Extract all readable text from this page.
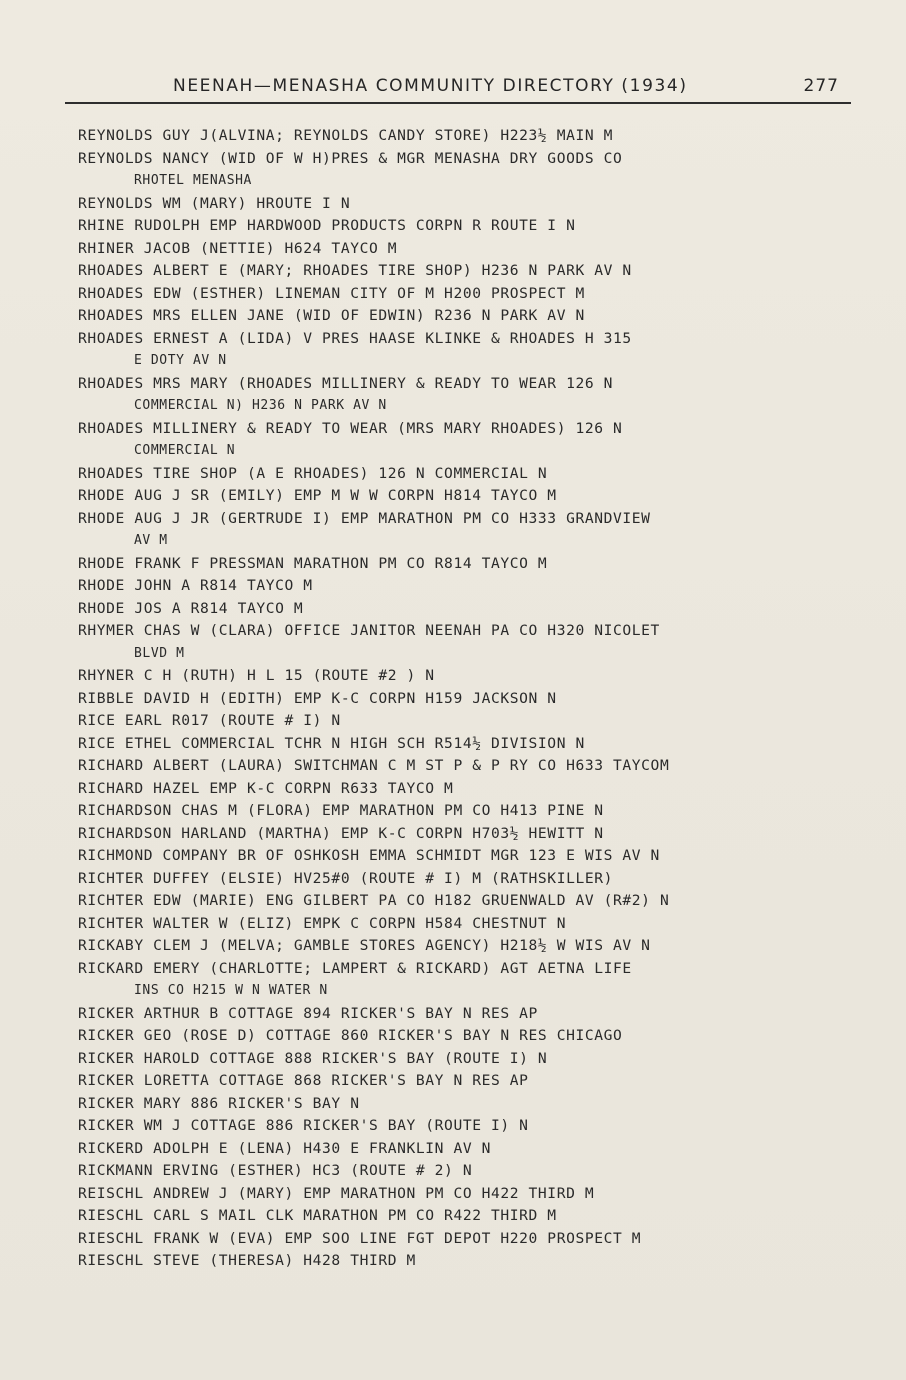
NEENAH—MENASHA COMMUNITY DIRECTORY (1934)	277
REYNOLDS GUY J(ALVINA; REYNOLDS CANDY STORE) H223½ MAIN M
REYNOLDS NANCY (WID OF W H)PRES & MGR MENASHA DRY GOODS CO
RHOTEL MENASHA
REYNOLDS WM (MARY) HROUTE I N
RHINE RUDOLPH EMP HARDWOOD PRODUCTS CORPN R ROUTE I N
RHINER JACOB (NETTIE) H624 TAYCO M
RHOADES ALBERT E (MARY; RHOADES TIRE SHOP) H236 N PARK AV N
RHOADES EDW (ESTHER) LINEMAN CITY OF M H200 PROSPECT M
RHOADES MRS ELLEN JANE (WID OF EDWIN) R236 N PARK AV N
RHOADES ERNEST A (LIDA) V PRES HAASE KLINKE & RHOADES H 315
E DOTY AV N
RHOADES MRS MARY (RHOADES MILLINERY & READY TO WEAR 126 N
COMMERCIAL N) H236 N PARK AV N
RHOADES MILLINERY & READY TO WEAR (MRS MARY RHOADES) 126 N
COMMERCIAL N
RHOADES TIRE SHOP (A E RHOADES) 126 N COMMERCIAL N
RHODE AUG J SR (EMILY) EMP M W W CORPN H814 TAYCO M
RHODE AUG J JR (GERTRUDE I) EMP MARATHON PM CO H333 GRANDVIEW
AV M
RHODE FRANK F PRESSMAN MARATHON PM CO R814 TAYCO M
RHODE JOHN A R814 TAYCO M
RHODE JOS A R814 TAYCO M
RHYMER CHAS W (CLARA) OFFICE JANITOR NEENAH PA CO H320 NICOLET
BLVD M
RHYNER C H (RUTH) H L 15 (ROUTE #2 ) N
RIBBLE DAVID H (EDITH) EMP K-C CORPN H159 JACKSON N
RICE EARL R017 (ROUTE # I) N
RICE ETHEL COMMERCIAL TCHR N HIGH SCH R514½ DIVISION N
RICHARD ALBERT (LAURA) SWITCHMAN C M ST P & P RY CO H633 TAYCOM
RICHARD HAZEL EMP K-C CORPN R633 TAYCO M
RICHARDSON CHAS M (FLORA) EMP MARATHON PM CO H413 PINE N
RICHARDSON HARLAND (MARTHA) EMP K-C CORPN H703½ HEWITT N
RICHMOND COMPANY BR OF OSHKOSH EMMA SCHMIDT MGR 123 E WIS AV N
RICHTER DUFFEY (ELSIE) HV25#0 (ROUTE # I) M (RATHSKILLER)
RICHTER EDW (MARIE) ENG GILBERT PA CO H182 GRUENWALD AV (R#2) N
RICHTER WALTER W (ELIZ) EMPK C CORPN H584 CHESTNUT N
RICKABY CLEM J (MELVA; GAMBLE STORES AGENCY) H218½ W WIS AV N
RICKARD EMERY (CHARLOTTE; LAMPERT & RICKARD) AGT AETNA LIFE
INS CO H215 W N WATER N
RICKER ARTHUR B COTTAGE 894 RICKER'S BAY N RES AP
RICKER GEO (ROSE D) COTTAGE 860 RICKER'S BAY N RES CHICAGO
RICKER HAROLD COTTAGE 888 RICKER'S BAY (ROUTE I) N
RICKER LORETTA COTTAGE 868 RICKER'S BAY N RES AP
RICKER MARY 886 RICKER'S BAY N
RICKER WM J COTTAGE 886 RICKER'S BAY (ROUTE I) N
RICKERD ADOLPH E (LENA) H430 E FRANKLIN AV N
RICKMANN ERVING (ESTHER) HC3 (ROUTE # 2) N
REISCHL ANDREW J (MARY) EMP MARATHON PM CO H422 THIRD M
RIESCHL CARL S MAIL CLK MARATHON PM CO R422 THIRD M
RIESCHL FRANK W (EVA) EMP SOO LINE FGT DEPOT H220 PROSPECT M
RIESCHL STEVE (THERESA) H428 THIRD M
